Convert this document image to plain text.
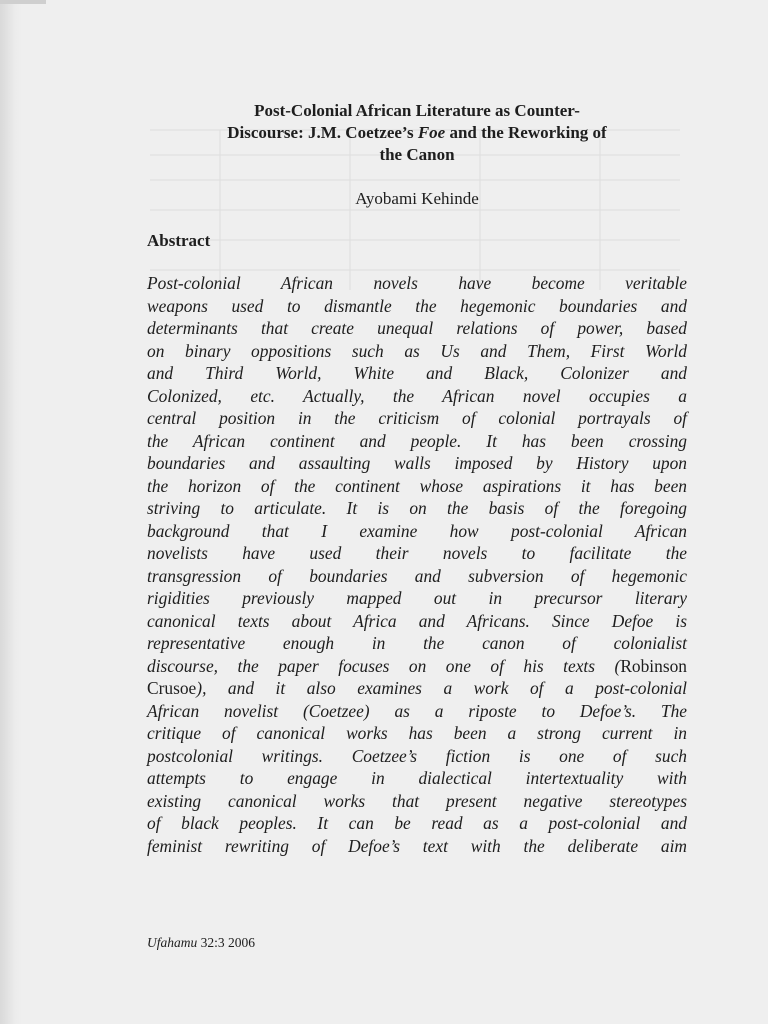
Post-Colonial African Literature as Counter-
Discourse: J.M. Coetzee’s Foe and the Reworking of
the Canon
Ayobami Kehinde
Abstract
Post-colonial African novels have become veritable
weapons used to dismantle the hegemonic boundaries and
determinants that create unequal relations of power, based
on binary oppositions such as Us and Them, First World
and Third World, White and Black, Colonizer and
Colonized, etc. Actually, the African novel occupies a
central position in the criticism of colonial portrayals of
the African continent and people. It has been crossing
boundaries and assaulting walls imposed by History upon
the horizon of the continent whose aspirations it has been
striving to articulate. It is on the basis of the foregoing
background that I examine how post-colonial African
novelists have used their novels to facilitate the
transgression of boundaries and subversion of hegemonic
rigidities previously mapped out in precursor literary
canonical texts about Africa and Africans. Since Defoe is
representative enough in the canon of colonialist
discourse, the paper focuses on one of his texts (Robinson
Crusoe), and it also examines a work of a post-colonial
African novelist (Coetzee) as a riposte to Defoe’s. The
critique of canonical works has been a strong current in
postcolonial writings. Coetzee’s fiction is one of such
attempts to engage in dialectical intertextuality with
existing canonical works that present negative stereotypes
of black peoples. It can be read as a post-colonial and
feminist rewriting of Defoe’s text with the deliberate aim
Ufahamu 32:3 2006
